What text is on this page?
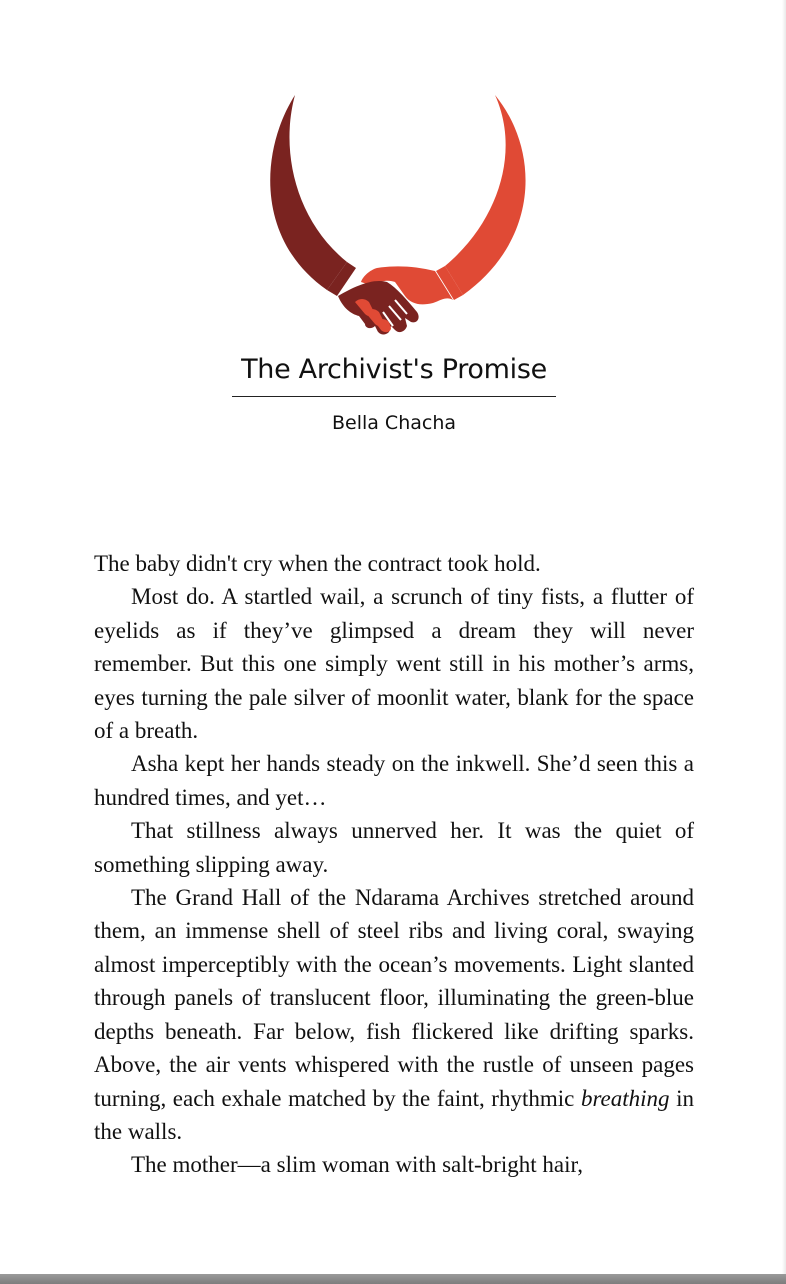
The Archivist's Promise
Bella Chacha

The baby didn't cry when the contract took hold.

Most do. A startled wail, a scrunch of tiny fists, a flutter of eyelids as if they’ve glimpsed a dream they will never remember. But this one simply went still in his mother’s arms, eyes turning the pale silver of moonlit water, blank for the space of a breath.

Asha kept her hands steady on the inkwell. She’d seen this a hundred times, and yet…

That stillness always unnerved her. It was the quiet of something slipping away.

The Grand Hall of the Ndarama Archives stretched around them, an immense shell of steel ribs and living coral, swaying almost imperceptibly with the ocean’s movements. Light slanted through panels of translucent floor, illuminating the green-blue depths beneath. Far below, fish flickered like drifting sparks. Above, the air vents whispered with the rustle of unseen pages turning, each exhale matched by the faint, rhythmic breathing in the walls.

The mother—a slim woman with salt-bright hair,
